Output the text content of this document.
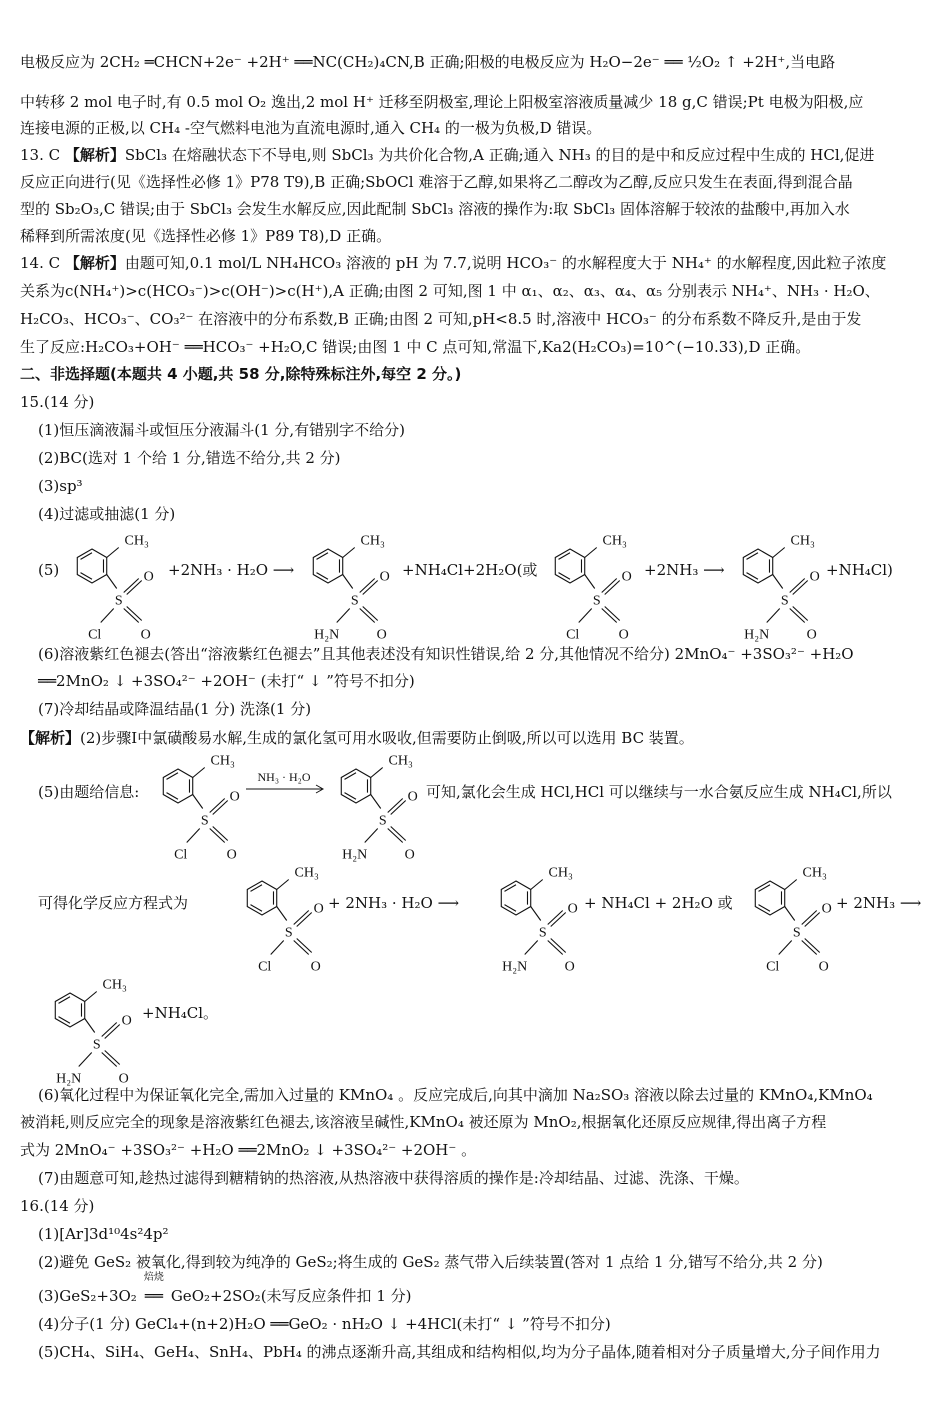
电极反应为 2CH₂ ═CHCN+2e⁻ +2H⁺ ══NC(CH₂)₄CN,B 正确;阳极的电极反应为 H₂O−2e⁻ ══ ½O₂ ↑ +2H⁺,当电路
中转移 2 mol 电子时,有 0.5 mol O₂ 逸出,2 mol H⁺ 迁移至阴极室,理论上阳极室溶液质量减少 18 g,C 错误;Pt 电极为阳极,应
连接电源的正极,以 CH₄ -空气燃料电池为直流电源时,通入 CH₄ 的一极为负极,D 错误。
13. C 【解析】SbCl₃ 在熔融状态下不导电,则 SbCl₃ 为共价化合物,A 正确;通入 NH₃ 的目的是中和反应过程中生成的 HCl,促进
反应正向进行(见《选择性必修 1》P78 T9),B 正确;SbOCl 难溶于乙醇,如果将乙二醇改为乙醇,反应只发生在表面,得到混合晶
型的 Sb₂O₃,C 错误;由于 SbCl₃ 会发生水解反应,因此配制 SbCl₃ 溶液的操作为:取 SbCl₃ 固体溶解于较浓的盐酸中,再加入水
稀释到所需浓度(见《选择性必修 1》P89 T8),D 正确。
14. C 【解析】由题可知,0.1 mol/L NH₄HCO₃ 溶液的 pH 为 7.7,说明 HCO₃⁻ 的水解程度大于 NH₄⁺ 的水解程度,因此粒子浓度
关系为c(NH₄⁺)>c(HCO₃⁻)>c(OH⁻)>c(H⁺),A 正确;由图 2 可知,图 1 中 α₁、α₂、α₃、α₄、α₅ 分别表示 NH₄⁺、NH₃ · H₂O、
H₂CO₃、HCO₃⁻、CO₃²⁻ 在溶液中的分布系数,B 正确;由图 2 可知,pH<8.5 时,溶液中 HCO₃⁻ 的分布系数不降反升,是由于发
生了反应:H₂CO₃+OH⁻ ══HCO₃⁻ +H₂O,C 错误;由图 1 中 C 点可知,常温下,Ka2(H₂CO₃)=10^(−10.33),D 正确。
二、非选择题(本题共 4 小题,共 58 分,除特殊标注外,每空 2 分。)
15.(14 分)
(1)恒压滴液漏斗或恒压分液漏斗(1 分,有错别字不给分)
(2)BC(选对 1 个给 1 分,错选不给分,共 2 分)
(3)sp³
(4)过滤或抽滤(1 分)
(5)
CH₃
S
O
O
Cl
+2NH₃ · H₂O ⟶
CH₃
S
O
O
H₂N
+NH₄Cl+2H₂O(或
CH₃
S
O
O
Cl
+2NH₃ ⟶
CH₃
S
O
O
H₂N
+NH₄Cl)
(6)溶液紫红色褪去(答出“溶液紫红色褪去”且其他表述没有知识性错误,给 2 分,其他情况不给分) 2MnO₄⁻ +3SO₃²⁻ +H₂O
══2MnO₂ ↓ +3SO₄²⁻ +2OH⁻ (未打“ ↓ ”符号不扣分)
(7)冷却结晶或降温结晶(1 分) 洗涤(1 分)
【解析】(2)步骤Ⅰ中氯磺酸易水解,生成的氯化氢可用水吸收,但需要防止倒吸,所以可以选用 BC 装置。
(5)由题给信息:
CH₃
S
O
O
Cl
NH₃ · H₂O
CH₃
S
O
O
H₂N
可知,氯化会生成 HCl,HCl 可以继续与一水合氨反应生成 NH₄Cl,所以
可得化学反应方程式为
CH₃
S
O
O
Cl
+ 2NH₃ · H₂O ⟶
CH₃
S
O
O
H₂N
+ NH₄Cl + 2H₂O 或
CH₃
S
O
O
Cl
+ 2NH₃ ⟶
CH₃
S
O
O
H₂N
+NH₄Cl。
(6)氧化过程中为保证氧化完全,需加入过量的 KMnO₄ 。反应完成后,向其中滴加 Na₂SO₃ 溶液以除去过量的 KMnO₄,KMnO₄
被消耗,则反应完全的现象是溶液紫红色褪去,该溶液呈碱性,KMnO₄ 被还原为 MnO₂,根据氧化还原反应规律,得出离子方程
式为 2MnO₄⁻ +3SO₃²⁻ +H₂O ══2MnO₂ ↓ +3SO₄²⁻ +2OH⁻ 。
(7)由题意可知,趁热过滤得到糖精钠的热溶液,从热溶液中获得溶质的操作是:冷却结晶、过滤、洗涤、干燥。
16.(14 分)
(1)[Ar]3d¹⁰4s²4p²
(2)避免 GeS₂ 被氧化,得到较为纯净的 GeS₂;将生成的 GeS₂ 蒸气带入后续装置(答对 1 点给 1 分,错写不给分,共 2 分)
(3)GeS₂+3O₂
焙烧
══ GeO₂+2SO₂(未写反应条件扣 1 分)
(4)分子(1 分) GeCl₄+(n+2)H₂O ══GeO₂ · nH₂O ↓ +4HCl(未打“ ↓ ”符号不扣分)
(5)CH₄、SiH₄、GeH₄、SnH₄、PbH₄ 的沸点逐渐升高,其组成和结构相似,均为分子晶体,随着相对分子质量增大,分子间作用力
